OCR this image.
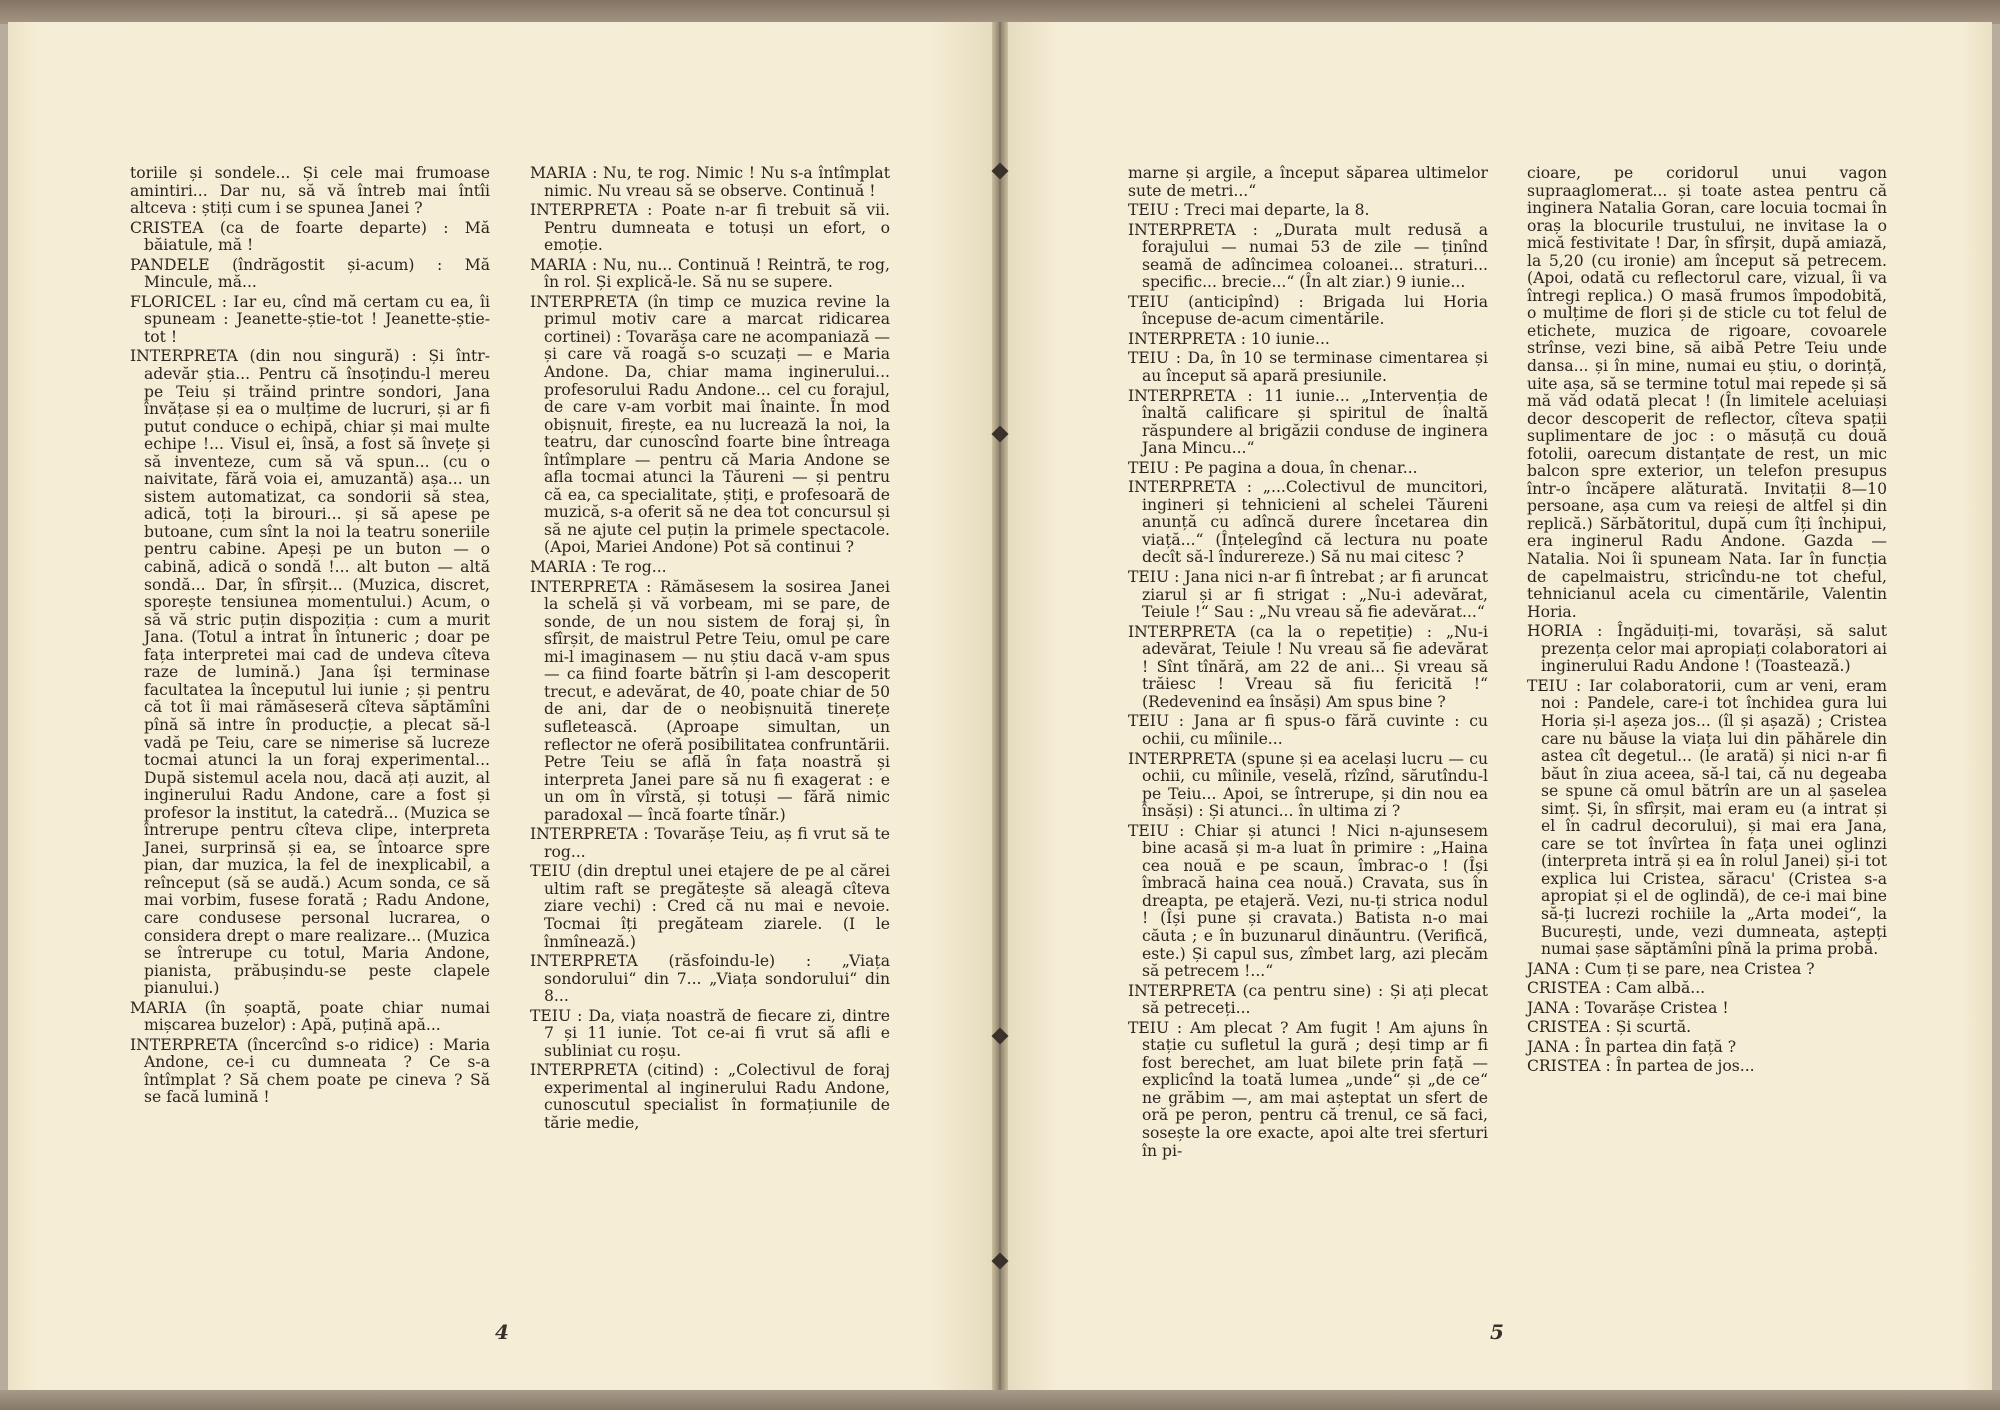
toriile și sondele... Și cele mai frumoase amintiri... Dar nu, să vă întreb mai întîi altceva : știți cum i se spunea Janei ?

CRISTEA (ca de foarte departe) : Mă băiatule, mă !

PANDELE (îndrăgostit și-acum) : Mă Mincule, mă...

FLORICEL : Iar eu, cînd mă certam cu ea, îi spuneam : Jeanette-știe-tot ! Jeanette-știe-tot !

INTERPRETA (din nou singură) : Și într-adevăr știa... Pentru că însoțindu-l mereu pe Teiu și trăind printre sondori, Jana învățase și ea o mulțime de lucruri, și ar fi putut conduce o echipă, chiar și mai multe echipe !... Visul ei, însă, a fost să învețe și să inventeze, cum să vă spun... (cu o naivitate, fără voia ei, amuzantă) așa... un sistem automatizat, ca sondorii să stea, adică, toți la birouri... și să apese pe butoane, cum sînt la noi la teatru soneriile pentru cabine. Apeși pe un buton — o cabină, adică o sondă !... alt buton — altă sondă... Dar, în sfîrșit... (Muzica, discret, sporește tensiunea momentului.) Acum, o să vă stric puțin dispoziția : cum a murit Jana. (Totul a intrat în întuneric ; doar pe fața interpretei mai cad de undeva cîteva raze de lumină.) Jana își terminase facultatea la începutul lui iunie ; și pentru că tot îi mai rămăseseră cîteva săptămîni pînă să intre în producție, a plecat să-l vadă pe Teiu, care se nimerise să lucreze tocmai atunci la un foraj experimental... După sistemul acela nou, dacă ați auzit, al inginerului Radu Andone, care a fost și profesor la institut, la catedră... (Muzica se întrerupe pentru cîteva clipe, interpreta Janei, surprinsă și ea, se întoarce spre pian, dar muzica, la fel de inexplicabil, a reînceput (să se audă.) Acum sonda, ce să mai vorbim, fusese forată ; Radu Andone, care condusese personal lucrarea, o considera drept o mare realizare... (Muzica se întrerupe cu totul, Maria Andone, pianista, prăbușindu-se peste clapele pianului.)

MARIA (în șoaptă, poate chiar numai mișcarea buzelor) : Apă, puțină apă...

INTERPRETA (încercînd s-o ridice) : Maria Andone, ce-i cu dumneata ? Ce s-a întîmplat ? Să chem poate pe cineva ? Să se facă lumină !

MARIA : Nu, te rog. Nimic ! Nu s-a întîmplat nimic. Nu vreau să se observe. Continuă !

INTERPRETA : Poate n-ar fi trebuit să vii. Pentru dumneata e totuși un efort, o emoție.

MARIA : Nu, nu... Continuă ! Reintră, te rog, în rol. Și explică-le. Să nu se supere.

INTERPRETA (în timp ce muzica revine la primul motiv care a marcat ridicarea cortinei) : Tovarășa care ne acompaniază — și care vă roagă s-o scuzați — e Maria Andone. Da, chiar mama inginerului... profesorului Radu Andone... cel cu forajul, de care v-am vorbit mai înainte. În mod obișnuit, firește, ea nu lucrează la noi, la teatru, dar cunoscînd foarte bine întreaga întîmplare — pentru că Maria Andone se afla tocmai atunci la Tăureni — și pentru că ea, ca specialitate, știți, e profesoară de muzică, s-a oferit să ne dea tot concursul și să ne ajute cel puțin la primele spectacole. (Apoi, Mariei Andone) Pot să continui ?

MARIA : Te rog...

INTERPRETA : Rămăsesem la sosirea Janei la schelă și vă vorbeam, mi se pare, de sonde, de un nou sistem de foraj și, în sfîrșit, de maistrul Petre Teiu, omul pe care mi-l imaginasem — nu știu dacă v-am spus — ca fiind foarte bătrîn și l-am descoperit trecut, e adevărat, de 40, poate chiar de 50 de ani, dar de o neobișnuită tinerețe sufletească. (Aproape simultan, un reflector ne oferă posibilitatea confruntării. Petre Teiu se află în fața noastră și interpreta Janei pare să nu fi exagerat : e un om în vîrstă, și totuși — fără nimic paradoxal — încă foarte tînăr.)

INTERPRETA : Tovarășe Teiu, aș fi vrut să te rog...

TEIU (din dreptul unei etajere de pe al cărei ultim raft se pregătește să aleagă cîteva ziare vechi) : Cred că nu mai e nevoie. Tocmai îți pregăteam ziarele. (I le înmînează.)

INTERPRETA (răsfoindu-le) : „Viața sondorului“ din 7... „Viața sondorului“ din 8...

TEIU : Da, viața noastră de fiecare zi, dintre 7 și 11 iunie. Tot ce-ai fi vrut să afli e subliniat cu roșu.

INTERPRETA (citind) : „Colectivul de foraj experimental al inginerului Radu Andone, cunoscutul specialist în formațiunile de tărie medie,

4

marne și argile, a început săparea ultimelor sute de metri...“

TEIU : Treci mai departe, la 8.

INTERPRETA : „Durata mult redusă a forajului — numai 53 de zile — ținînd seamă de adîncimea coloanei... straturi... specific... brecie...“ (În alt ziar.) 9 iunie...

TEIU (anticipînd) : Brigada lui Horia începuse de-acum cimentările.

INTERPRETA : 10 iunie...

TEIU : Da, în 10 se terminase cimentarea și au început să apară presiunile.

INTERPRETA : 11 iunie... „Intervenția de înaltă calificare și spiritul de înaltă răspundere al brigăzii conduse de inginera Jana Mincu...“

TEIU : Pe pagina a doua, în chenar...

INTERPRETA : „...Colectivul de muncitori, ingineri și tehnicieni al schelei Tăureni anunță cu adîncă durere încetarea din viață...“ (Înțelegînd că lectura nu poate decît să-l îndurereze.) Să nu mai citesc ?

TEIU : Jana nici n-ar fi întrebat ; ar fi aruncat ziarul și ar fi strigat : „Nu-i adevărat, Teiule !“ Sau : „Nu vreau să fie adevărat...“

INTERPRETA (ca la o repetiție) : „Nu-i adevărat, Teiule ! Nu vreau să fie adevărat ! Sînt tînără, am 22 de ani... Și vreau să trăiesc ! Vreau să fiu fericită !“ (Redevenind ea însăși) Am spus bine ?

TEIU : Jana ar fi spus-o fără cuvinte : cu ochii, cu mîinile...

INTERPRETA (spune și ea același lucru — cu ochii, cu mîinile, veselă, rîzînd, sărutîndu-l pe Teiu... Apoi, se întrerupe, și din nou ea însăși) : Și atunci... în ultima zi ?

TEIU : Chiar și atunci ! Nici n-ajunsesem bine acasă și m-a luat în primire : „Haina cea nouă e pe scaun, îmbrac-o ! (Își îmbracă haina cea nouă.) Cravata, sus în dreapta, pe etajeră. Vezi, nu-ți strica nodul ! (Își pune și cravata.) Batista n-o mai căuta ; e în buzunarul dinăuntru. (Verifică, este.) Și capul sus, zîmbet larg, azi plecăm să petrecem !...“

INTERPRETA (ca pentru sine) : Și ați plecat să petreceți...

TEIU : Am plecat ? Am fugit ! Am ajuns în stație cu sufletul la gură ; deși timp ar fi fost berechet, am luat bilete prin față — explicînd la toată lumea „unde“ și „de ce“ ne grăbim —, am mai așteptat un sfert de oră pe peron, pentru că trenul, ce să faci, sosește la ore exacte, apoi alte trei sferturi în pi-

cioare, pe coridorul unui vagon supraaglomerat... și toate astea pentru că inginera Natalia Goran, care locuia tocmai în oraș la blocurile trustului, ne invitase la o mică festivitate ! Dar, în sfîrșit, după amiază, la 5,20 (cu ironie) am început să petrecem. (Apoi, odată cu reflectorul care, vizual, îi va întregi replica.) O masă frumos împodobită, o mulțime de flori și de sticle cu tot felul de etichete, muzica de rigoare, covoarele strînse, vezi bine, să aibă Petre Teiu unde dansa... și în mine, numai eu știu, o dorință, uite așa, să se termine totul mai repede și să mă văd odată plecat ! (În limitele aceluiași decor descoperit de reflector, cîteva spații suplimentare de joc : o măsuță cu două fotolii, oarecum distanțate de rest, un mic balcon spre exterior, un telefon presupus într-o încăpere alăturată. Invitații 8—10 persoane, așa cum va reieși de altfel și din replică.) Sărbătoritul, după cum îți închipui, era inginerul Radu Andone. Gazda — Natalia. Noi îi spuneam Nata. Iar în funcția de capelmaistru, stricîndu-ne tot cheful, tehnicianul acela cu cimentările, Valentin Horia.

HORIA : Îngăduiți-mi, tovarăși, să salut prezența celor mai apropiați colaboratori ai inginerului Radu Andone ! (Toastează.)

TEIU : Iar colaboratorii, cum ar veni, eram noi : Pandele, care-i tot închidea gura lui Horia și-l așeza jos... (îl și așază) ; Cristea care nu băuse la viața lui din păhărele din astea cît degetul... (le arată) și nici n-ar fi băut în ziua aceea, să-l tai, că nu degeaba se spune că omul bătrîn are un al șaselea simț. Și, în sfîrșit, mai eram eu (a intrat și el în cadrul decorului), și mai era Jana, care se tot învîrtea în fața unei oglinzi (interpreta intră și ea în rolul Janei) și-i tot explica lui Cristea, săracu' (Cristea s-a apropiat și el de oglindă), de ce-i mai bine să-ți lucrezi rochiile la „Arta modei“, la București, unde, vezi dumneata, aștepți numai șase săptămîni pînă la prima probă.

JANA : Cum ți se pare, nea Cristea ?

CRISTEA : Cam albă...

JANA : Tovarășe Cristea !

CRISTEA : Și scurtă.

JANA : În partea din față ?

CRISTEA : În partea de jos...

5
